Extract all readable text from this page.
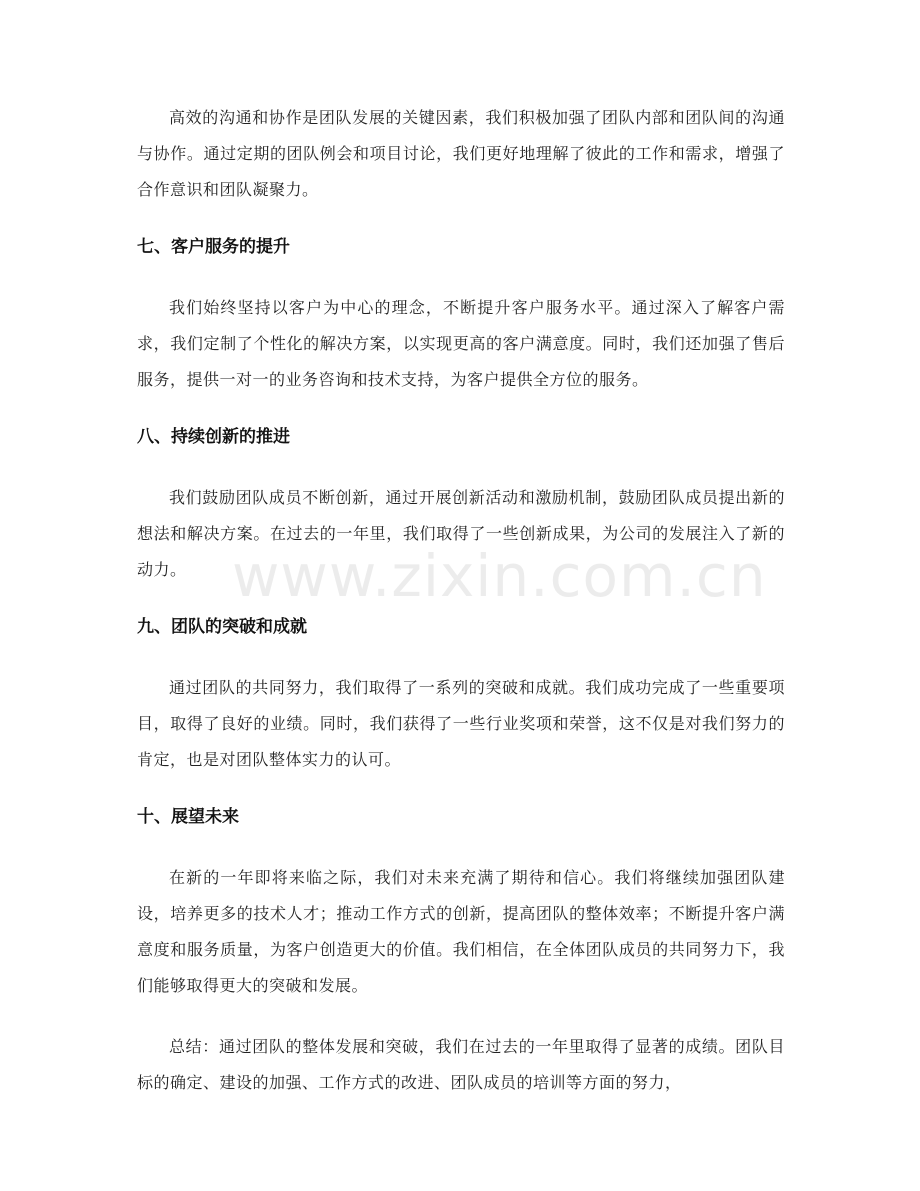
高效的沟通和协作是团队发展的关键因素，我们积极加强了团队内部和团队间的沟通与协作。通过定期的团队例会和项目讨论，我们更好地理解了彼此的工作和需求，增强了合作意识和团队凝聚力。

七、客户服务的提升

我们始终坚持以客户为中心的理念，不断提升客户服务水平。通过深入了解客户需求，我们定制了个性化的解决方案，以实现更高的客户满意度。同时，我们还加强了售后服务，提供一对一的业务咨询和技术支持，为客户提供全方位的服务。

八、持续创新的推进

我们鼓励团队成员不断创新，通过开展创新活动和激励机制，鼓励团队成员提出新的想法和解决方案。在过去的一年里，我们取得了一些创新成果，为公司的发展注入了新的动力。

九、团队的突破和成就

通过团队的共同努力，我们取得了一系列的突破和成就。我们成功完成了一些重要项目，取得了良好的业绩。同时，我们获得了一些行业奖项和荣誉，这不仅是对我们努力的肯定，也是对团队整体实力的认可。

十、展望未来

在新的一年即将来临之际，我们对未来充满了期待和信心。我们将继续加强团队建设，培养更多的技术人才；推动工作方式的创新，提高团队的整体效率；不断提升客户满意度和服务质量，为客户创造更大的价值。我们相信，在全体团队成员的共同努力下，我们能够取得更大的突破和发展。

总结：通过团队的整体发展和突破，我们在过去的一年里取得了显著的成绩。团队目标的确定、建设的加强、工作方式的改进、团队成员的培训等方面的努力，

www.zixin.com.cn
